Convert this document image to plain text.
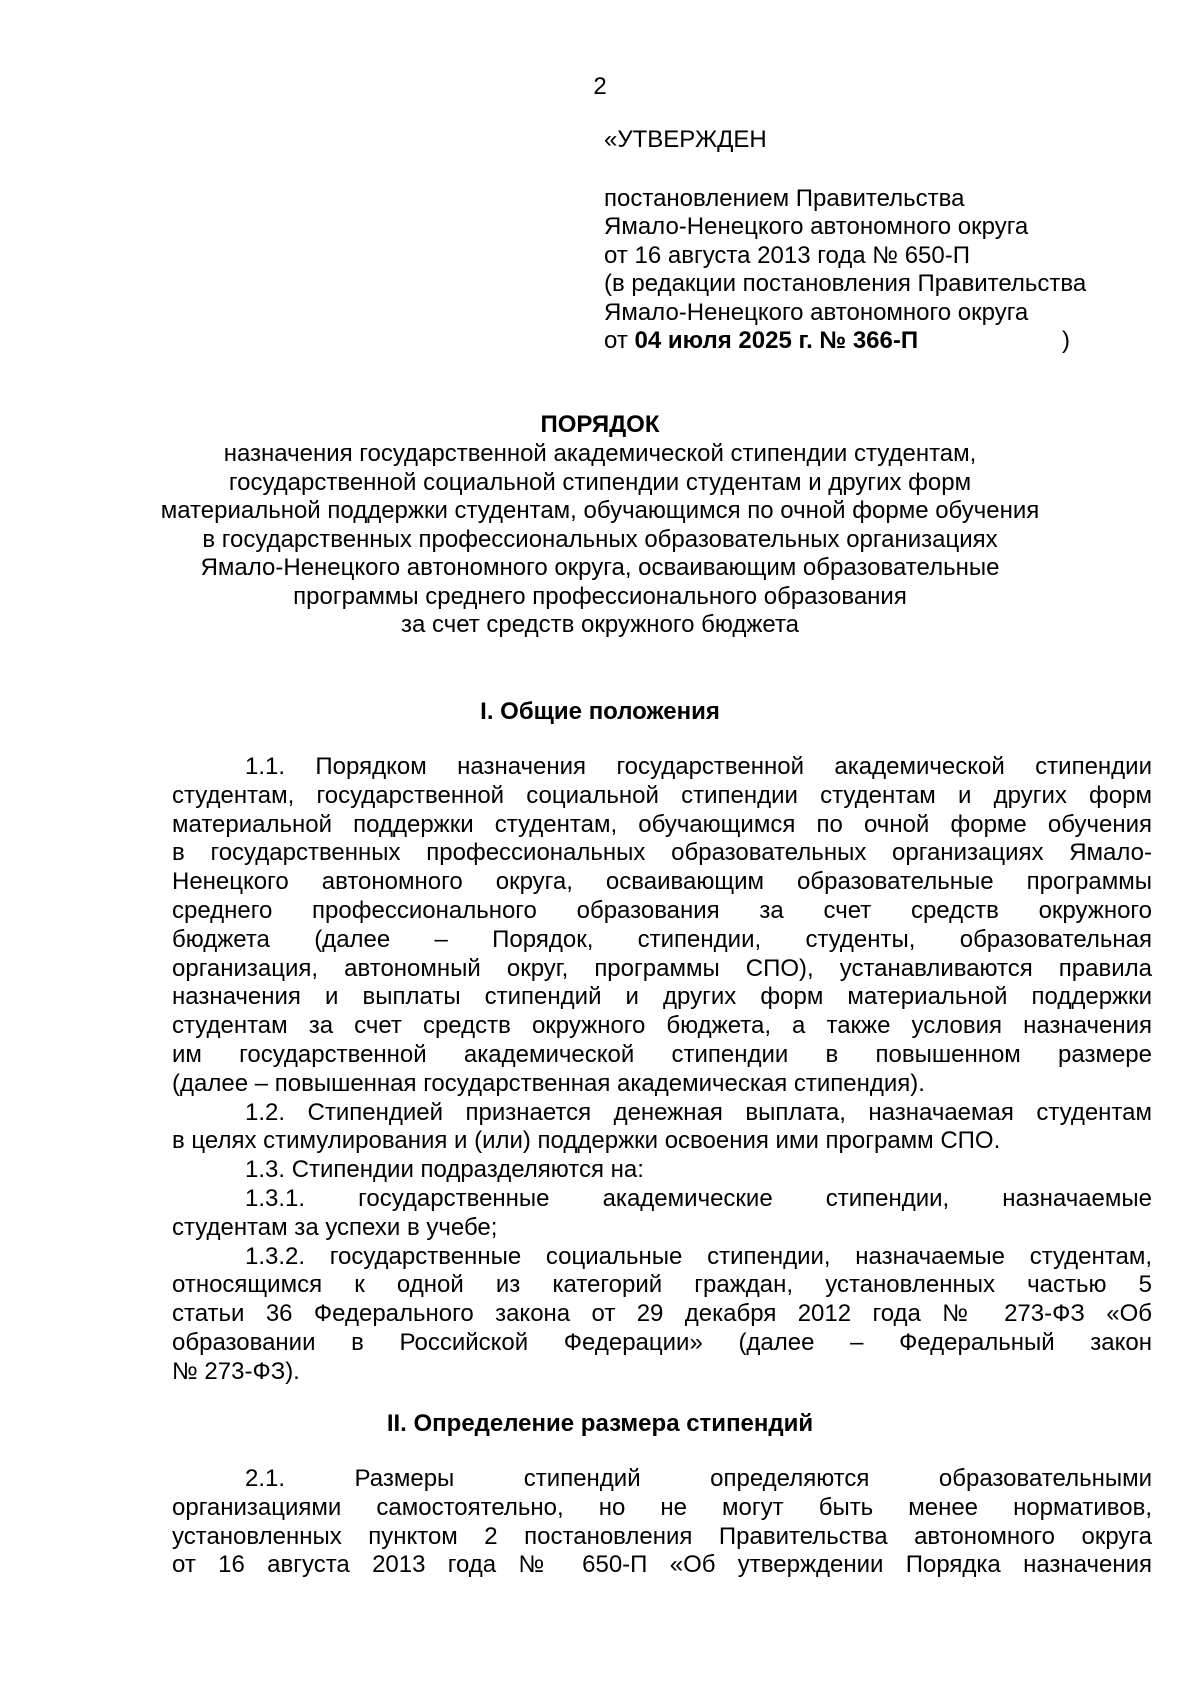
2
«УТВЕРЖДЕН
постановлением Правительства
Ямало-Ненецкого автономного округа
от 16 августа 2013 года № 650-П
(в редакции постановления Правительства
Ямало-Ненецкого автономного округа
от 04 июля 2025 г. № 366-П	)
ПОРЯДОК
назначения государственной академической стипендии студентам,
государственной социальной стипендии студентам и других форм
материальной поддержки студентам, обучающимся по очной форме обучения
в государственных профессиональных образовательных организациях
Ямало-Ненецкого автономного округа, осваивающим образовательные
программы среднего профессионального образования
за счет средств окружного бюджета
I. Общие положения
1.1. Порядком назначения государственной академической стипендии
студентам, государственной социальной стипендии студентам и других форм
материальной поддержки студентам, обучающимся по очной форме обучения
в государственных профессиональных образовательных организациях Ямало-
Ненецкого автономного округа, осваивающим образовательные программы
среднего профессионального образования за счет средств окружного
бюджета (далее – Порядок, стипендии, студенты, образовательная
организация, автономный округ, программы СПО), устанавливаются правила
назначения и выплаты стипендий и других форм материальной поддержки
студентам за счет средств окружного бюджета, а также условия назначения
им государственной академической стипендии в повышенном размере
(далее – повышенная государственная академическая стипендия).
1.2. Стипендией признается денежная выплата, назначаемая студентам
в целях стимулирования и (или) поддержки освоения ими программ СПО.
1.3. Стипендии подразделяются на:
1.3.1. государственные академические стипендии, назначаемые
студентам за успехи в учебе;
1.3.2. государственные социальные стипендии, назначаемые студентам,
относящимся к одной из категорий граждан, установленных частью 5
статьи 36 Федерального закона от 29 декабря 2012 года № 273-ФЗ «Об
образовании в Российской Федерации» (далее – Федеральный закон
№ 273-ФЗ).
II. Определение размера стипендий
2.1. Размеры стипендий определяются образовательными
организациями самостоятельно, но не могут быть менее нормативов,
установленных пунктом 2 постановления Правительства автономного округа
от 16 августа 2013 года № 650-П «Об утверждении Порядка назначения
